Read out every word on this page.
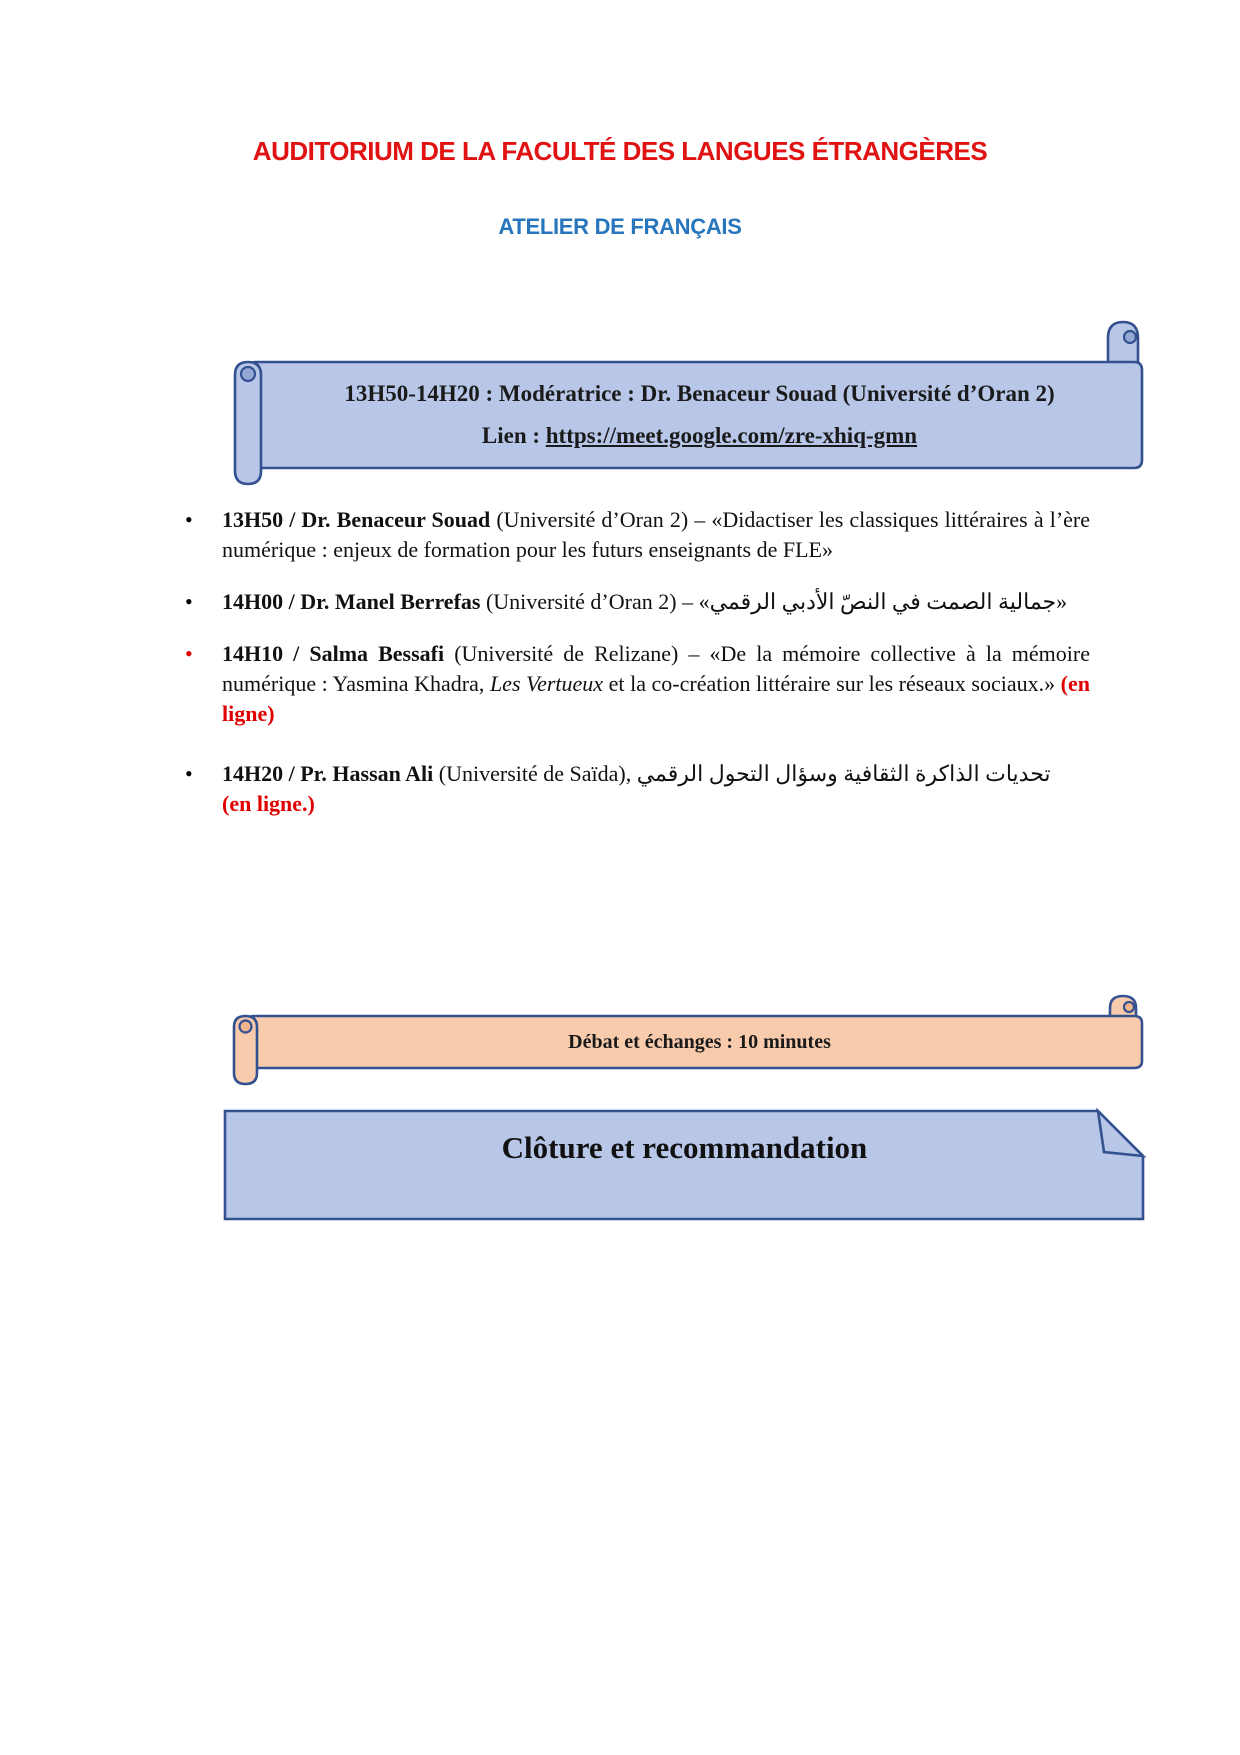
AUDITORIUM DE LA FACULTÉ DES LANGUES ÉTRANGÈRES
ATELIER DE FRANÇAIS

13H50-14H20 : Modératrice : Dr. Benaceur Souad (Université d’Oran 2)

Lien : https://meet.google.com/zre-xhiq-gmn

•	13H50 / Dr. Benaceur Souad (Université d’Oran 2) – «Didactiser les classiques littéraires à l’ère numérique : enjeux de formation pour les futurs enseignants de FLE»

•	14H00 / Dr. Manel Berrefas (Université d’Oran 2) – «جمالية الصمت في النصّ الأدبي الرقمي»

•	14H10 / Salma Bessafi (Université de Relizane) – «De la mémoire collective à la mémoire numérique : Yasmina Khadra, Les Vertueux et la co-création littéraire sur les réseaux sociaux.» (en ligne)

•	14H20 / Pr. Hassan Ali (Université de Saïda), تحديات الذاكرة الثقافية وسؤال التحول الرقمي
(en ligne.)

Débat et échanges : 10 minutes

Clôture et recommandation
